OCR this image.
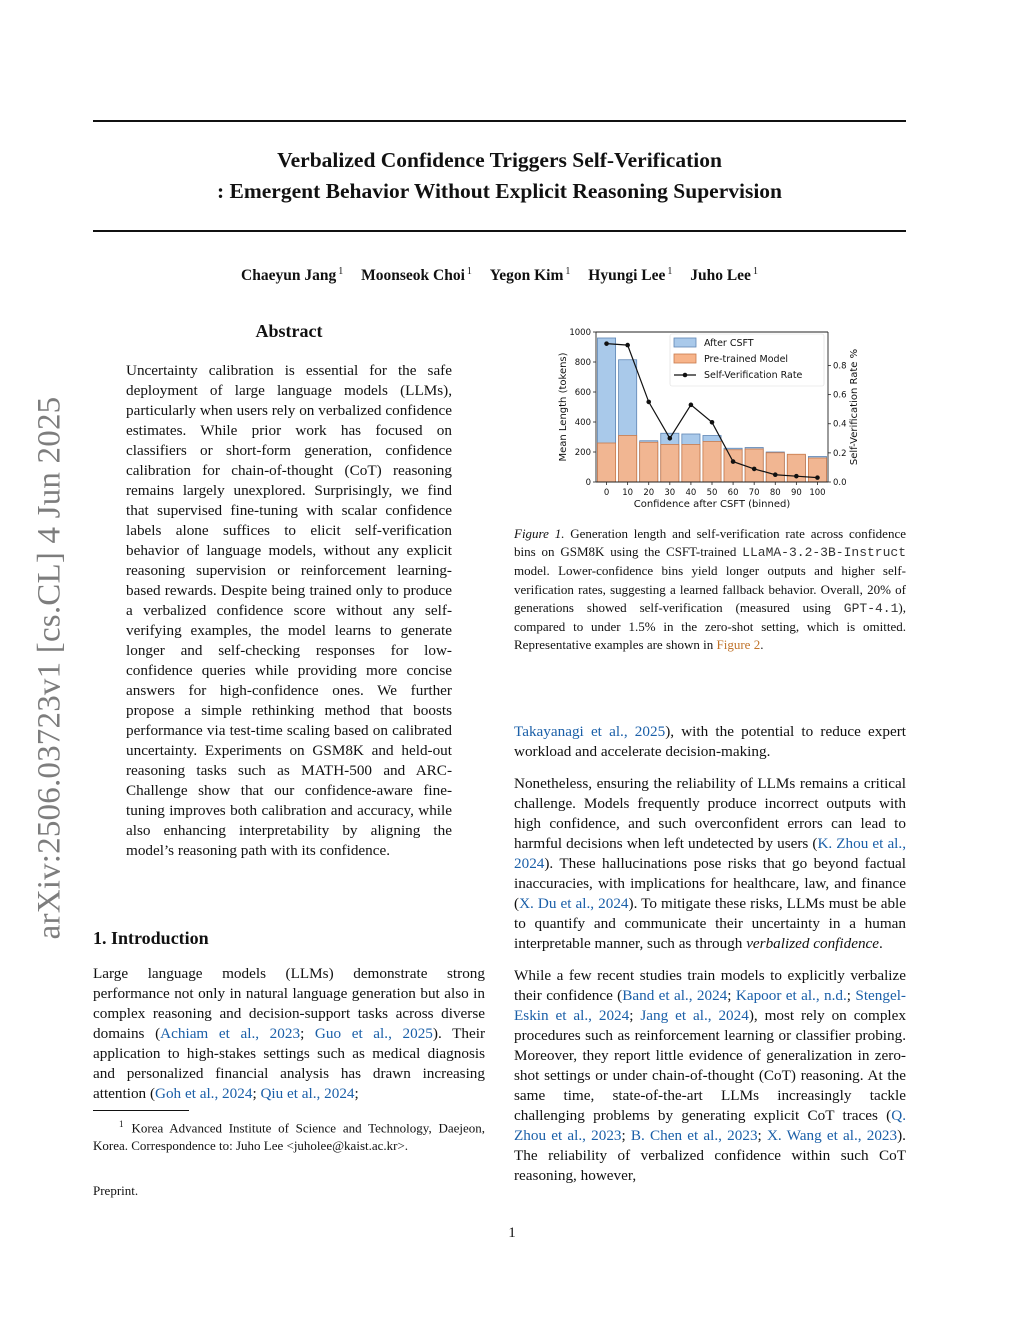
Verbalized Confidence Triggers Self-Verification
: Emergent Behavior Without Explicit Reasoning Supervision
Chaeyun Jang $^1$ Moonseok Choi $^1$ Yegon Kim $^1$ Hyungi Lee $^1$ Juho Lee $^1$
arXiv:2506.03723v1 [cs.CL] 4 Jun 2025
Abstract

Uncertainty calibration is essential for the safe deployment of large language models (LLMs), particularly when users rely on verbalized confidence estimates. While prior work has focused on classifiers or short-form generation, confidence calibration for chain-of-thought (CoT) reasoning remains largely unexplored. Surprisingly, we find that supervised fine-tuning with scalar confidence labels alone suffices to elicit self-verification behavior of language models, without any explicit reasoning supervision or reinforcement learning-based rewards. Despite being trained only to produce a verbalized confidence score without any self-verifying examples, the model learns to generate longer and self-checking responses for low-confidence queries while providing more concise answers for high-confidence ones. We further propose a simple rethinking method that boosts performance via test-time scaling based on calibrated uncertainty. Experiments on GSM8K and held-out reasoning tasks such as MATH-500 and ARC-Challenge show that our confidence-aware fine-tuning improves both calibration and accuracy, while also enhancing interpretability by aligning the model’s reasoning path with its confidence.

1. Introduction

Large language models (LLMs) demonstrate strong performance not only in natural language generation but also in complex reasoning and decision-support tasks across diverse domains (Achiam et al., 2023; Guo et al., 2025). Their application to high-stakes settings such as medical diagnosis and personalized financial analysis has drawn increasing attention (Goh et al., 2024; Qiu et al., 2024;

$^1$ Korea Advanced Institute of Science and Technology, Daejeon, Korea. Correspondence to: Juho Lee <juholee@kaist.ac.kr>.
Preprint.
1
0
200
400
600
800
1000
0.0
0.2
0.4
0.6
0.8
0 10 20 30 40 50 60 70 80 90 100
Confidence after CSFT (binned)
Mean Length (tokens)	Self-Verification Rate %
After CSFT
Pre-trained Model
Self-Verification Rate
Figure 1. Generation length and self-verification rate across confidence bins on GSM8K using the CSFT-trained LLaMA-3.2-3B-Instruct model. Lower-confidence bins yield longer outputs and higher self-verification rates, suggesting a learned fallback behavior. Overall, 20% of generations showed self-verification (measured using GPT-4.1), compared to under 1.5% in the zero-shot setting, which is omitted. Representative examples are shown in Figure 2.

Takayanagi et al., 2025), with the potential to reduce expert workload and accelerate decision-making.

Nonetheless, ensuring the reliability of LLMs remains a critical challenge. Models frequently produce incorrect outputs with high confidence, and such overconfident errors can lead to harmful decisions when left undetected by users (K. Zhou et al., 2024). These hallucinations pose risks that go beyond factual inaccuracies, with implications for healthcare, law, and finance (X. Du et al., 2024). To mitigate these risks, LLMs must be able to quantify and communicate their uncertainty in a human interpretable manner, such as through verbalized confidence.

While a few recent studies train models to explicitly verbalize their confidence (Band et al., 2024; Kapoor et al., n.d.; Stengel-Eskin et al., 2024; Jang et al., 2024), most rely on complex procedures such as reinforcement learning or classifier probing. Moreover, they report little evidence of generalization in zero-shot settings or under chain-of-thought (CoT) reasoning. At the same time, state-of-the-art LLMs increasingly tackle challenging problems by generating explicit CoT traces (Q. Zhou et al., 2023; B. Chen et al., 2023; X. Wang et al., 2023). The reliability of verbalized confidence within such CoT reasoning, however,
